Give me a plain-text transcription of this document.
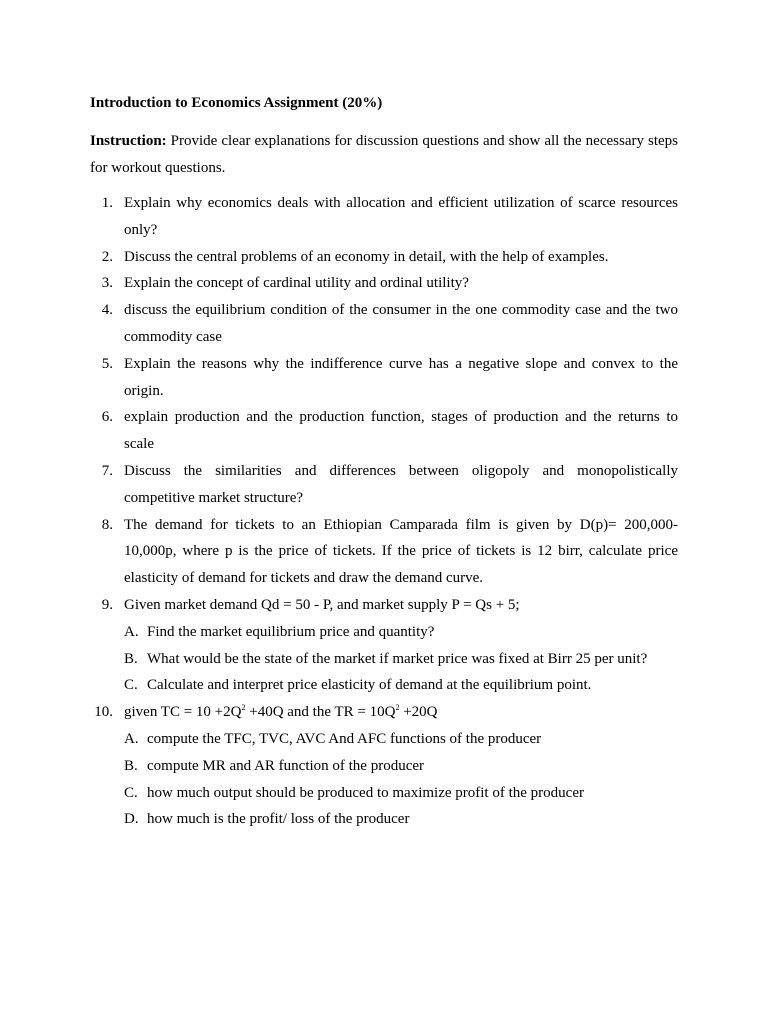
Introduction to Economics Assignment (20%)

Instruction: Provide clear explanations for discussion questions and show all the necessary steps for workout questions.

1. Explain why economics deals with allocation and efficient utilization of scarce resources only?
2. Discuss the central problems of an economy in detail, with the help of examples.
3. Explain the concept of cardinal utility and ordinal utility?
4. discuss the equilibrium condition of the consumer in the one commodity case and the two commodity case
5. Explain the reasons why the indifference curve has a negative slope and convex to the origin.
6. explain production and the production function, stages of production and the returns to scale
7. Discuss the similarities and differences between oligopoly and monopolistically competitive market structure?
8. The demand for tickets to an Ethiopian Camparada film is given by D(p)= 200,000-10,000p, where p is the price of tickets. If the price of tickets is 12 birr, calculate price elasticity of demand for tickets and draw the demand curve.
9. Given market demand Qd = 50 - P, and market supply P = Qs + 5;
A. Find the market equilibrium price and quantity?
B. What would be the state of the market if market price was fixed at Birr 25 per unit?
C. Calculate and interpret price elasticity of demand at the equilibrium point.
10. given TC = $10 +2Q^2 +40Q$ and the TR = $10Q^2 +20Q$
A. compute the TFC, TVC, AVC And AFC functions of the producer
B. compute MR and AR function of the producer
C. how much output should be produced to maximize profit of the producer
D. how much is the profit/ loss of the producer
